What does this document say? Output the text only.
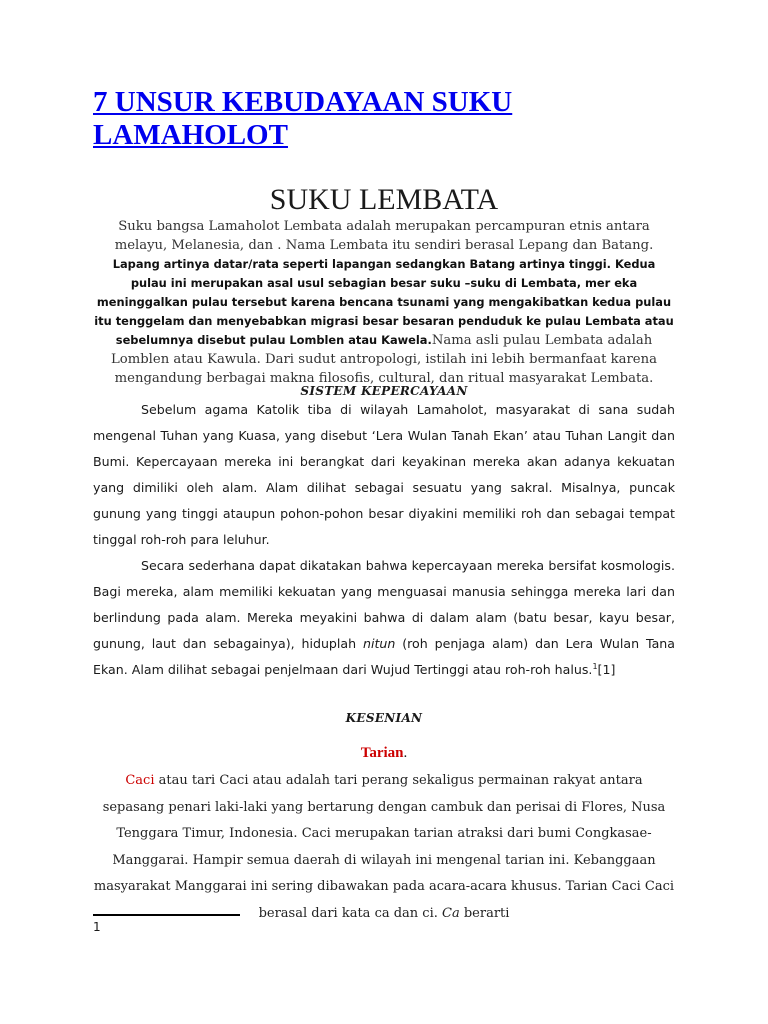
7 UNSUR KEBUDAYAAN SUKU LAMAHOLOT
SUKU LEMBATA
Suku bangsa Lamaholot Lembata adalah merupakan percampuran etnis antara melayu, Melanesia, dan . Nama Lembata itu sendiri berasal Lepang dan Batang. Lapang artinya datar/rata seperti lapangan sedangkan Batang artinya tinggi. Kedua pulau ini merupakan asal usul sebagian besar suku –suku di Lembata, mer eka meninggalkan pulau tersebut karena bencana tsunami yang mengakibatkan kedua pulau itu tenggelam dan menyebabkan migrasi besar besaran penduduk ke pulau Lembata atau sebelumnya disebut pulau Lomblen atau Kawela.Nama asli pulau Lembata adalah Lomblen atau Kawula. Dari sudut antropologi, istilah ini lebih bermanfaat karena mengandung berbagai makna filosofis, cultural, dan ritual masyarakat Lembata.
SISTEM KEPERCAYAAN

Sebelum agama Katolik tiba di wilayah Lamaholot, masyarakat di sana sudah mengenal Tuhan yang Kuasa, yang disebut ‘Lera Wulan Tanah Ekan’ atau Tuhan Langit dan Bumi. Kepercayaan mereka ini berangkat dari keyakinan mereka akan adanya kekuatan yang dimiliki oleh alam. Alam dilihat sebagai sesuatu yang sakral. Misalnya, puncak gunung yang tinggi ataupun pohon-pohon besar diyakini memiliki roh dan sebagai tempat tinggal roh-roh para leluhur.

Secara sederhana dapat dikatakan bahwa kepercayaan mereka bersifat kosmologis. Bagi mereka, alam memiliki kekuatan yang menguasai manusia sehingga mereka lari dan berlindung pada alam. Mereka meyakini bahwa di dalam alam (batu besar, kayu besar, gunung, laut dan sebagainya), hiduplah nitun (roh penjaga alam) dan Lera Wulan Tana Ekan. Alam dilihat sebagai penjelmaan dari Wujud Tertinggi atau roh-roh halus.$^1$[1]

KESENIAN
Tarian.
Caci atau tari Caci atau adalah tari perang sekaligus permainan rakyat antara sepasang penari laki-laki yang bertarung dengan cambuk dan perisai di Flores, Nusa Tenggara Timur, Indonesia. Caci merupakan tarian atraksi dari bumi Congkasae- Manggarai. Hampir semua daerah di wilayah ini mengenal tarian ini. Kebanggaan masyarakat Manggarai ini sering dibawakan pada acara-acara khusus. Tarian Caci Caci berasal dari kata ca dan ci. Ca berarti
1
